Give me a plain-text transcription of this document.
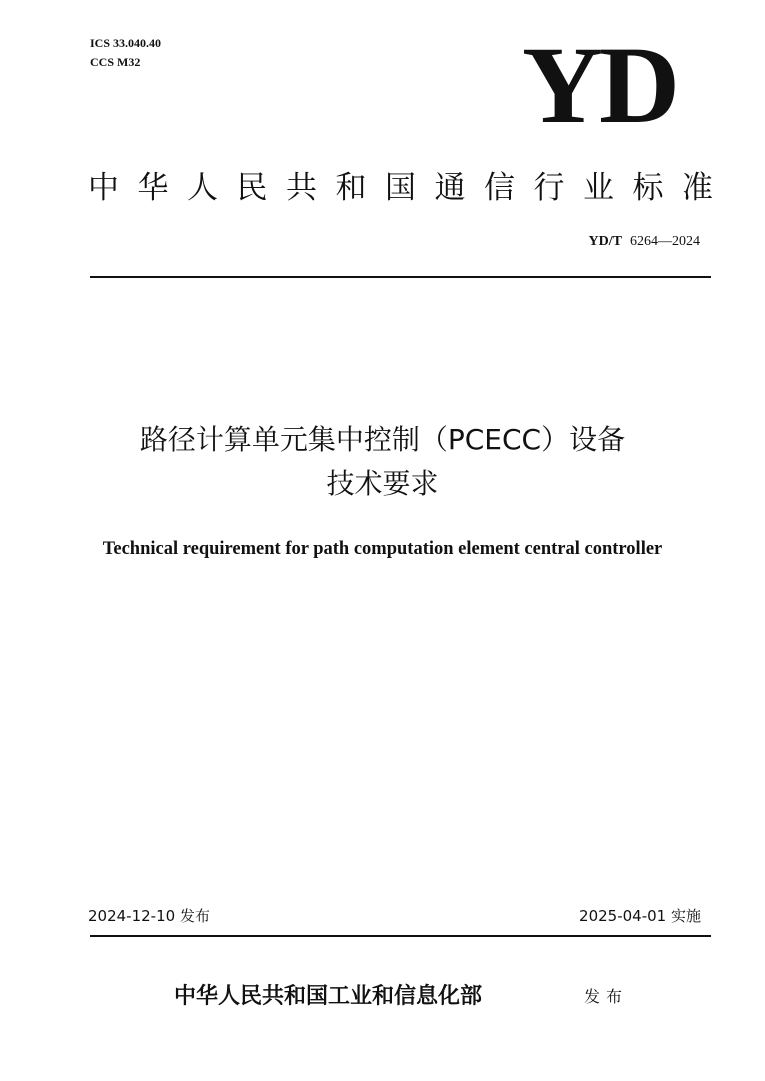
ICS 33.040.40
CCS M32	YD
中华人民共和国通信行业标准
YD/T 6264—2024
路径计算单元集中控制（PCECC）设备
技术要求
Technical requirement for path computation element central controller
2024-12-10 发布	2025-04-01 实施
中华人民共和国工业和信息化部	发布
